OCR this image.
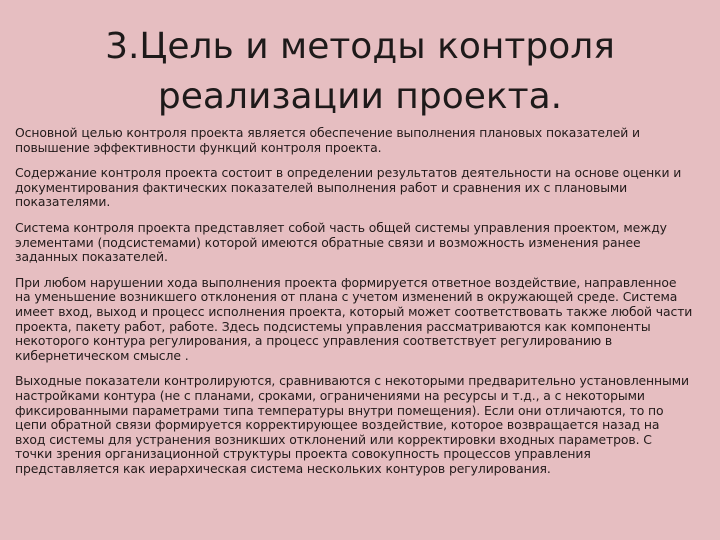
3.Цель и методы контроля
реализации проекта.

Основной целью контроля проекта является обеспечение выполнения плановых показателей и
повышение эффективности функций контроля проекта.

Содержание контроля проекта состоит в определении результатов деятельности на основе оценки и
документирования фактических показателей выполнения работ и сравнения их с плановыми
показателями.

Система контроля проекта представляет собой часть общей системы управления проектом, между
элементами (подсистемами) которой имеются обратные связи и возможность изменения ранее
заданных показателей.

При любом нарушении хода выполнения проекта формируется ответное воздействие, направленное
на уменьшение возникшего отклонения от плана с учетом изменений в окружающей среде. Система
имеет вход, выход и процесс исполнения проекта, который может соответствовать также любой части
проекта, пакету работ, работе. Здесь подсистемы управления рассматриваются как компоненты
некоторого контура регулирования, а процесс управления соответствует регулированию в
кибернетическом смысле .

Выходные показатели контролируются, сравниваются с некоторыми предварительно установленными
настройками контура (не с планами, сроками, ограничениями на ресурсы и т.д., а с некоторыми
фиксированными параметрами типа температуры внутри помещения). Если они отличаются, то по
цепи обратной связи формируется корректирующее воздействие, которое возвращается назад на
вход системы для устранения возникших отклонений или корректировки входных параметров. С
точки зрения организационной структуры проекта совокупность процессов управления
представляется как иерархическая система нескольких контуров регулирования.
